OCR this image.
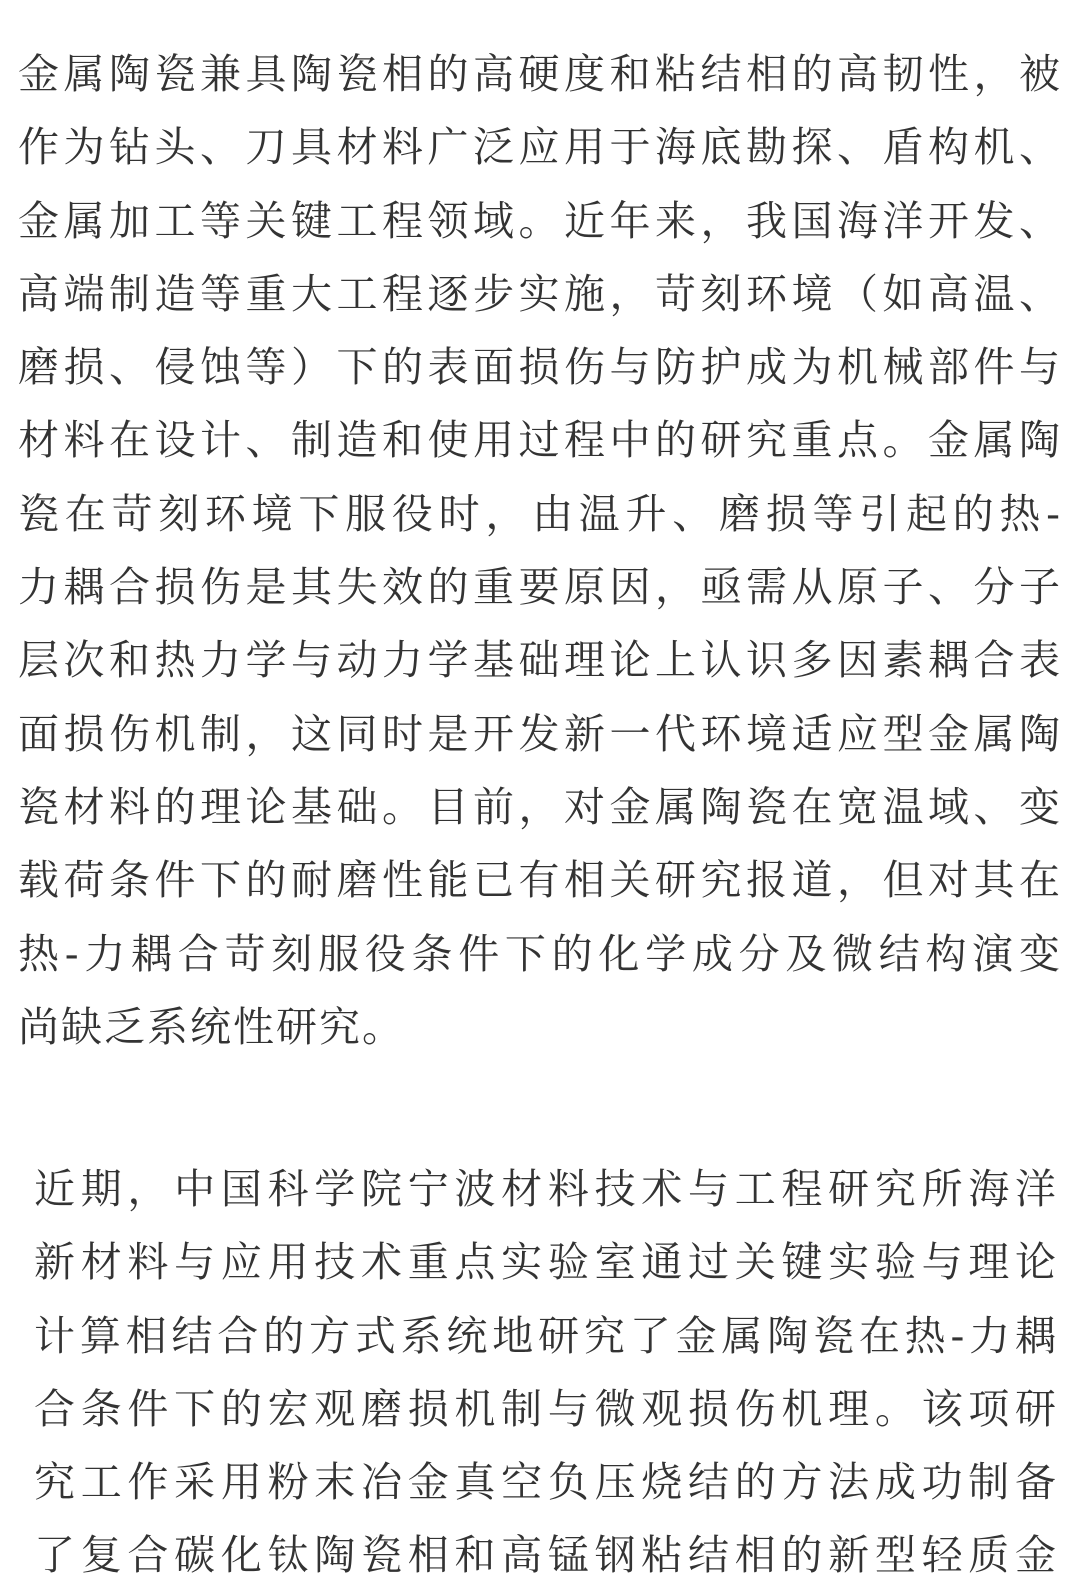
金属陶瓷兼具陶瓷相的高硬度和粘结相的高韧性，被
作为钻头、刀具材料广泛应用于海底勘探、盾构机、
金属加工等关键工程领域。近年来，我国海洋开发、
高端制造等重大工程逐步实施，苛刻环境（如高温、
磨损、侵蚀等）下的表面损伤与防护成为机械部件与
材料在设计、制造和使用过程中的研究重点。金属陶
瓷在苛刻环境下服役时，由温升、磨损等引起的热-
力耦合损伤是其失效的重要原因，亟需从原子、分子
层次和热力学与动力学基础理论上认识多因素耦合表
面损伤机制，这同时是开发新一代环境适应型金属陶
瓷材料的理论基础。目前，对金属陶瓷在宽温域、变
载荷条件下的耐磨性能已有相关研究报道，但对其在
热-力耦合苛刻服役条件下的化学成分及微结构演变
尚缺乏系统性研究。
近期，中国科学院宁波材料技术与工程研究所海洋
新材料与应用技术重点实验室通过关键实验与理论
计算相结合的方式系统地研究了金属陶瓷在热-力耦
合条件下的宏观磨损机制与微观损伤机理。该项研
究工作采用粉末冶金真空负压烧结的方法成功制备
了复合碳化钛陶瓷相和高锰钢粘结相的新型轻质金
